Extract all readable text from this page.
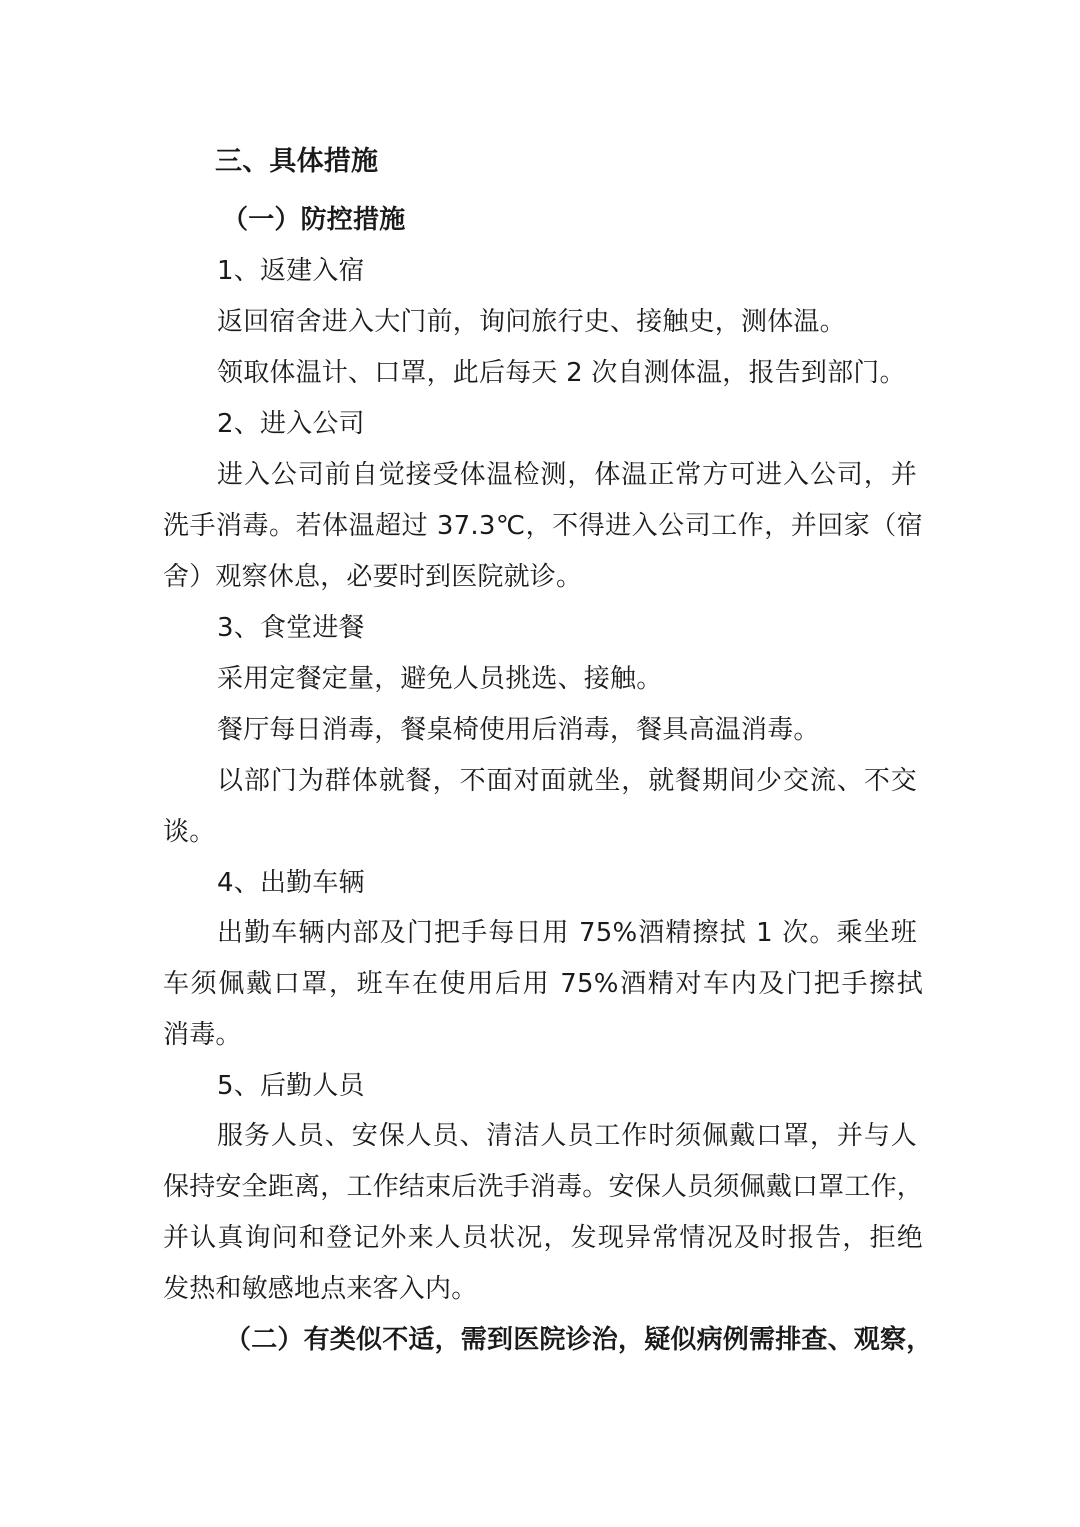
三、具体措施
（一）防控措施
1、返建入宿
返回宿舍进入大门前，询问旅行史、接触史，测体温。
领取体温计、口罩，此后每天 2 次自测体温，报告到部门。
2、进入公司
进入公司前自觉接受体温检测，体温正常方可进入公司，并
洗手消毒。若体温超过 37.3℃，不得进入公司工作，并回家（宿
舍）观察休息，必要时到医院就诊。
3、食堂进餐
采用定餐定量，避免人员挑选、接触。
餐厅每日消毒，餐桌椅使用后消毒，餐具高温消毒。
以部门为群体就餐，不面对面就坐，就餐期间少交流、不交
谈。
4、出勤车辆
出勤车辆内部及门把手每日用 75%酒精擦拭 1 次。乘坐班
车须佩戴口罩，班车在使用后用 75%酒精对车内及门把手擦拭
消毒。
5、后勤人员
服务人员、安保人员、清洁人员工作时须佩戴口罩，并与人
保持安全距离，工作结束后洗手消毒。安保人员须佩戴口罩工作，
并认真询问和登记外来人员状况，发现异常情况及时报告，拒绝
发热和敏感地点来客入内。
（二）有类似不适，需到医院诊治，疑似病例需排查、观察，
